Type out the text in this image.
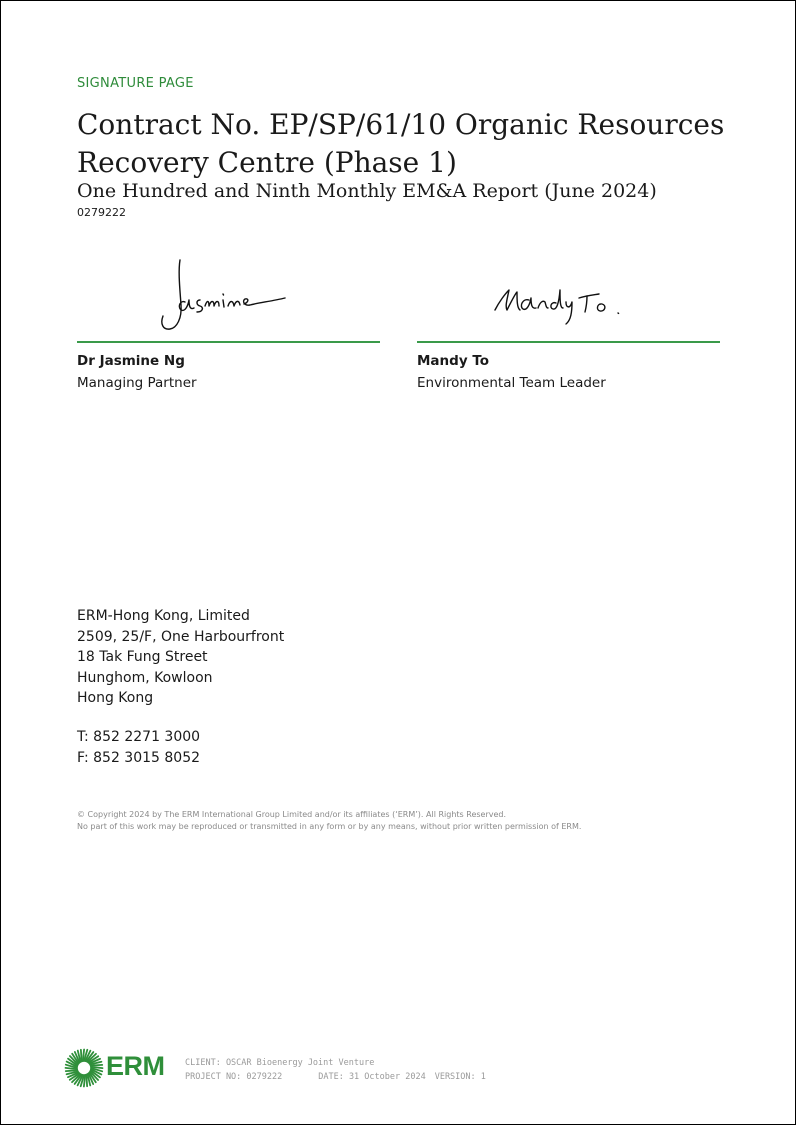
SIGNATURE PAGE
Contract No. EP/SP/61/10 Organic Resources Recovery Centre (Phase 1)
One Hundred and Ninth Monthly EM&A Report (June 2024)
0279222
Dr Jasmine Ng
Managing Partner
Mandy To
Environmental Team Leader
ERM-Hong Kong, Limited
2509, 25/F, One Harbourfront
18 Tak Fung Street
Hunghom, Kowloon
Hong Kong
T: 852 2271 3000
F: 852 3015 8052
© Copyright 2024 by The ERM International Group Limited and/or its affiliates (‘ERM’). All Rights Reserved.
No part of this work may be reproduced or transmitted in any form or by any means, without prior written permission of ERM.
ERM CLIENT: OSCAR Bioenergy Joint Venture
PROJECT NO: 0279222	DATE: 31 October 2024 VERSION: 1
